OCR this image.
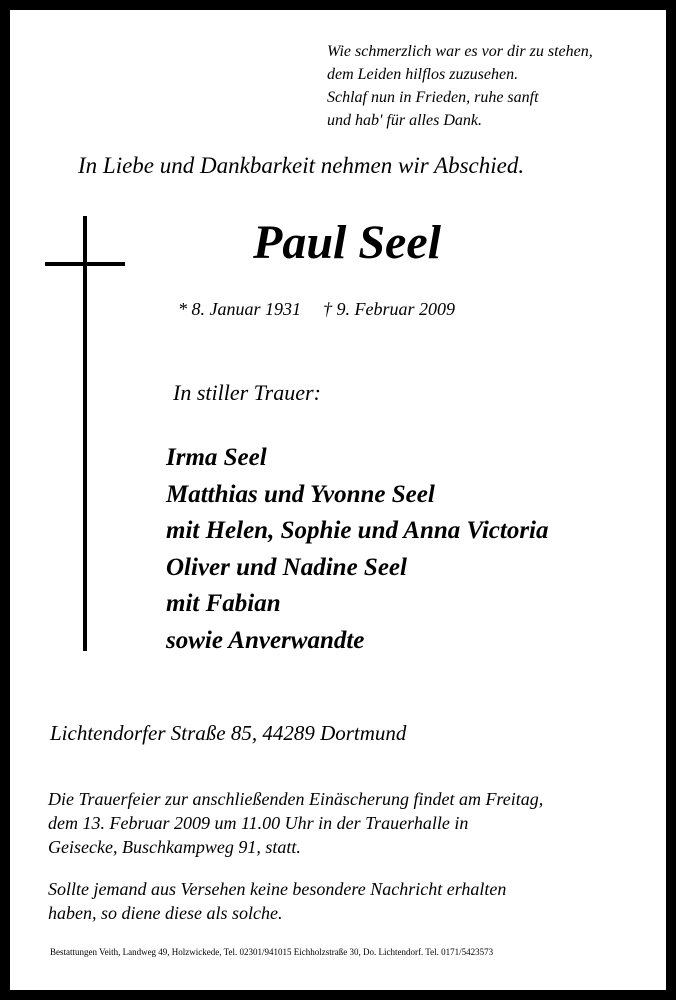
Wie schmerzlich war es vor dir zu stehen,
dem Leiden hilflos zuzusehen.
Schlaf nun in Frieden, ruhe sanft
und hab' für alles Dank.
In Liebe und Dankbarkeit nehmen wir Abschied.
Paul Seel
* 8. Januar 1931 † 9. Februar 2009
In stiller Trauer:
Irma Seel
Matthias und Yvonne Seel
mit Helen, Sophie und Anna Victoria
Oliver und Nadine Seel
mit Fabian
sowie Anverwandte
Lichtendorfer Straße 85, 44289 Dortmund
Die Trauerfeier zur anschließenden Einäscherung findet am Freitag,
dem 13. Februar 2009 um 11.00 Uhr in der Trauerhalle in
Geisecke, Buschkampweg 91, statt.
Sollte jemand aus Versehen keine besondere Nachricht erhalten
haben, so diene diese als solche.
Bestattungen Veith, Landweg 49, Holzwickede, Tel. 02301/941015 Eichholzstraße 30, Do. Lichtendorf. Tel. 0171/5423573
